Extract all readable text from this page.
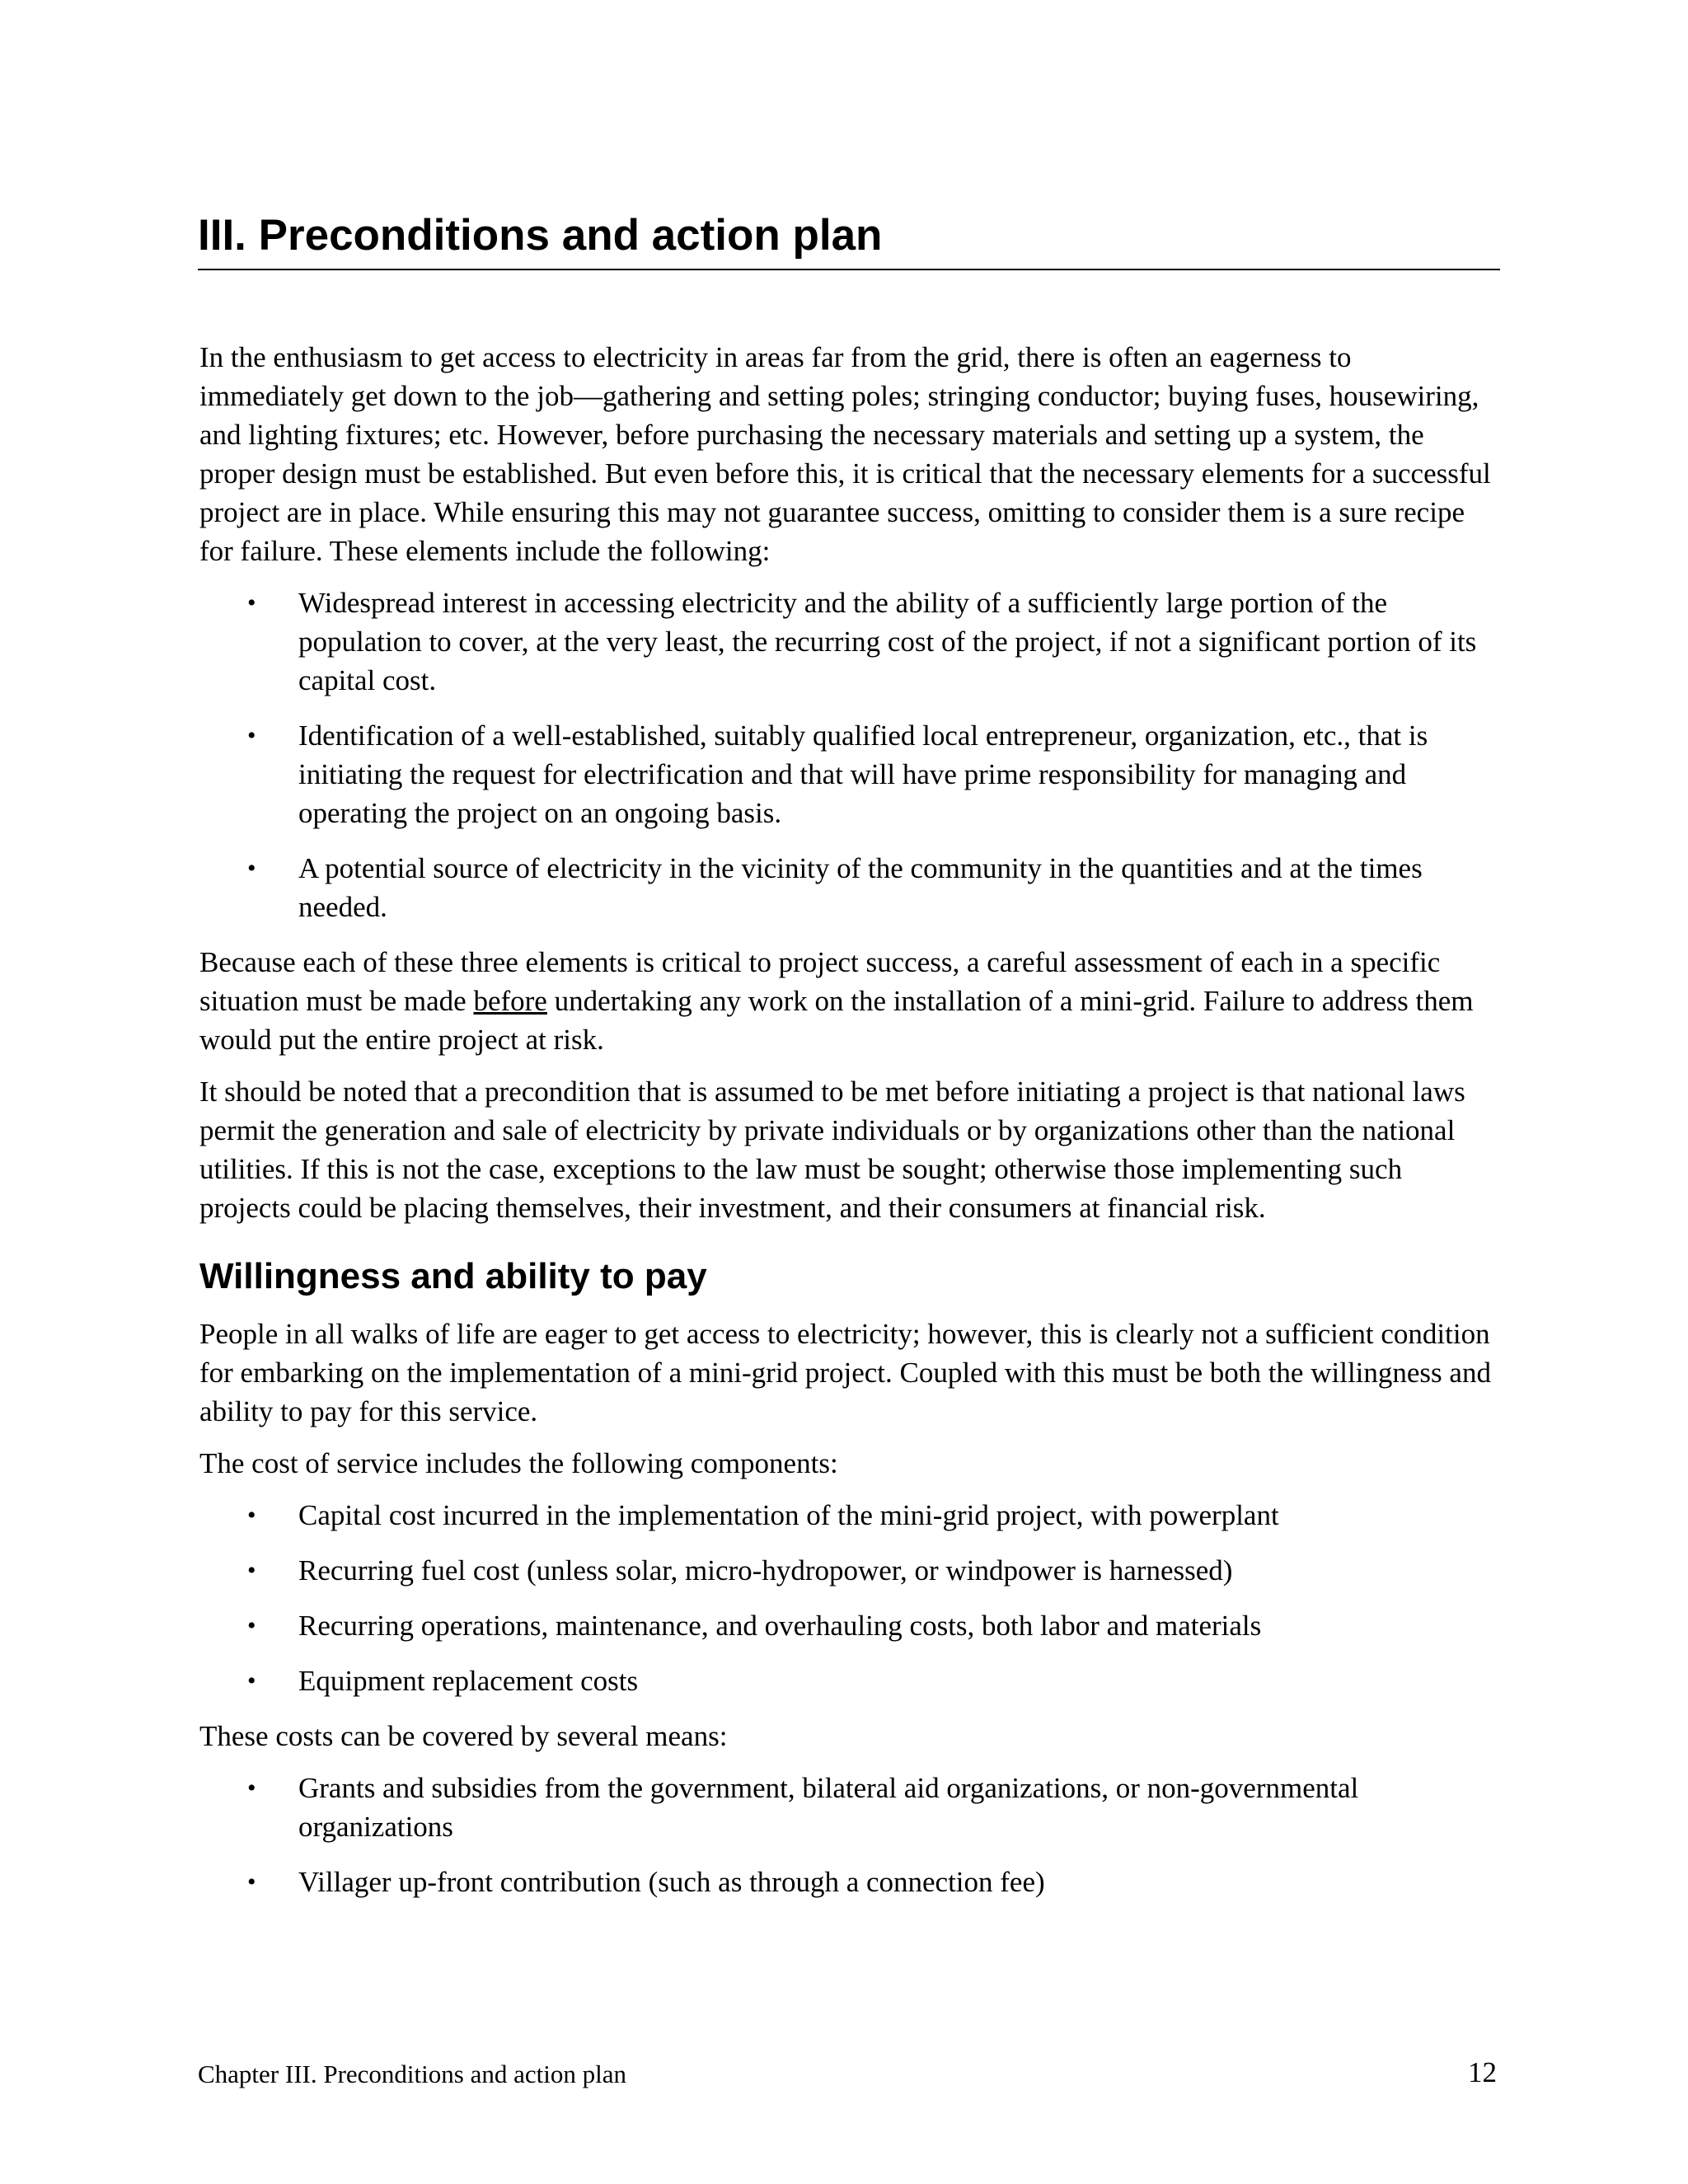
III. Preconditions and action plan

In the enthusiasm to get access to electricity in areas far from the grid, there is often an eagerness to immediately get down to the job—gathering and setting poles; stringing conductor; buying fuses, housewiring, and lighting fixtures; etc. However, before purchasing the necessary materials and setting up a system, the proper design must be established. But even before this, it is critical that the necessary elements for a successful project are in place. While ensuring this may not guarantee success, omitting to consider them is a sure recipe for failure. These elements include the following:

• Widespread interest in accessing electricity and the ability of a sufficiently large portion of the population to cover, at the very least, the recurring cost of the project, if not a significant portion of its capital cost.
• Identification of a well-established, suitably qualified local entrepreneur, organization, etc., that is initiating the request for electrification and that will have prime responsibility for managing and operating the project on an ongoing basis.
• A potential source of electricity in the vicinity of the community in the quantities and at the times needed.

Because each of these three elements is critical to project success, a careful assessment of each in a specific situation must be made before undertaking any work on the installation of a mini-grid. Failure to address them would put the entire project at risk.

It should be noted that a precondition that is assumed to be met before initiating a project is that national laws permit the generation and sale of electricity by private individuals or by organizations other than the national utilities. If this is not the case, exceptions to the law must be sought; otherwise those implementing such projects could be placing themselves, their investment, and their consumers at financial risk.

Willingness and ability to pay

People in all walks of life are eager to get access to electricity; however, this is clearly not a sufficient condition for embarking on the implementation of a mini-grid project. Coupled with this must be both the willingness and ability to pay for this service.

The cost of service includes the following components:

• Capital cost incurred in the implementation of the mini-grid project, with powerplant
• Recurring fuel cost (unless solar, micro-hydropower, or windpower is harnessed)
• Recurring operations, maintenance, and overhauling costs, both labor and materials
• Equipment replacement costs

These costs can be covered by several means:

• Grants and subsidies from the government, bilateral aid organizations, or non-governmental organizations
• Villager up-front contribution (such as through a connection fee)
Chapter III. Preconditions and action plan	12
